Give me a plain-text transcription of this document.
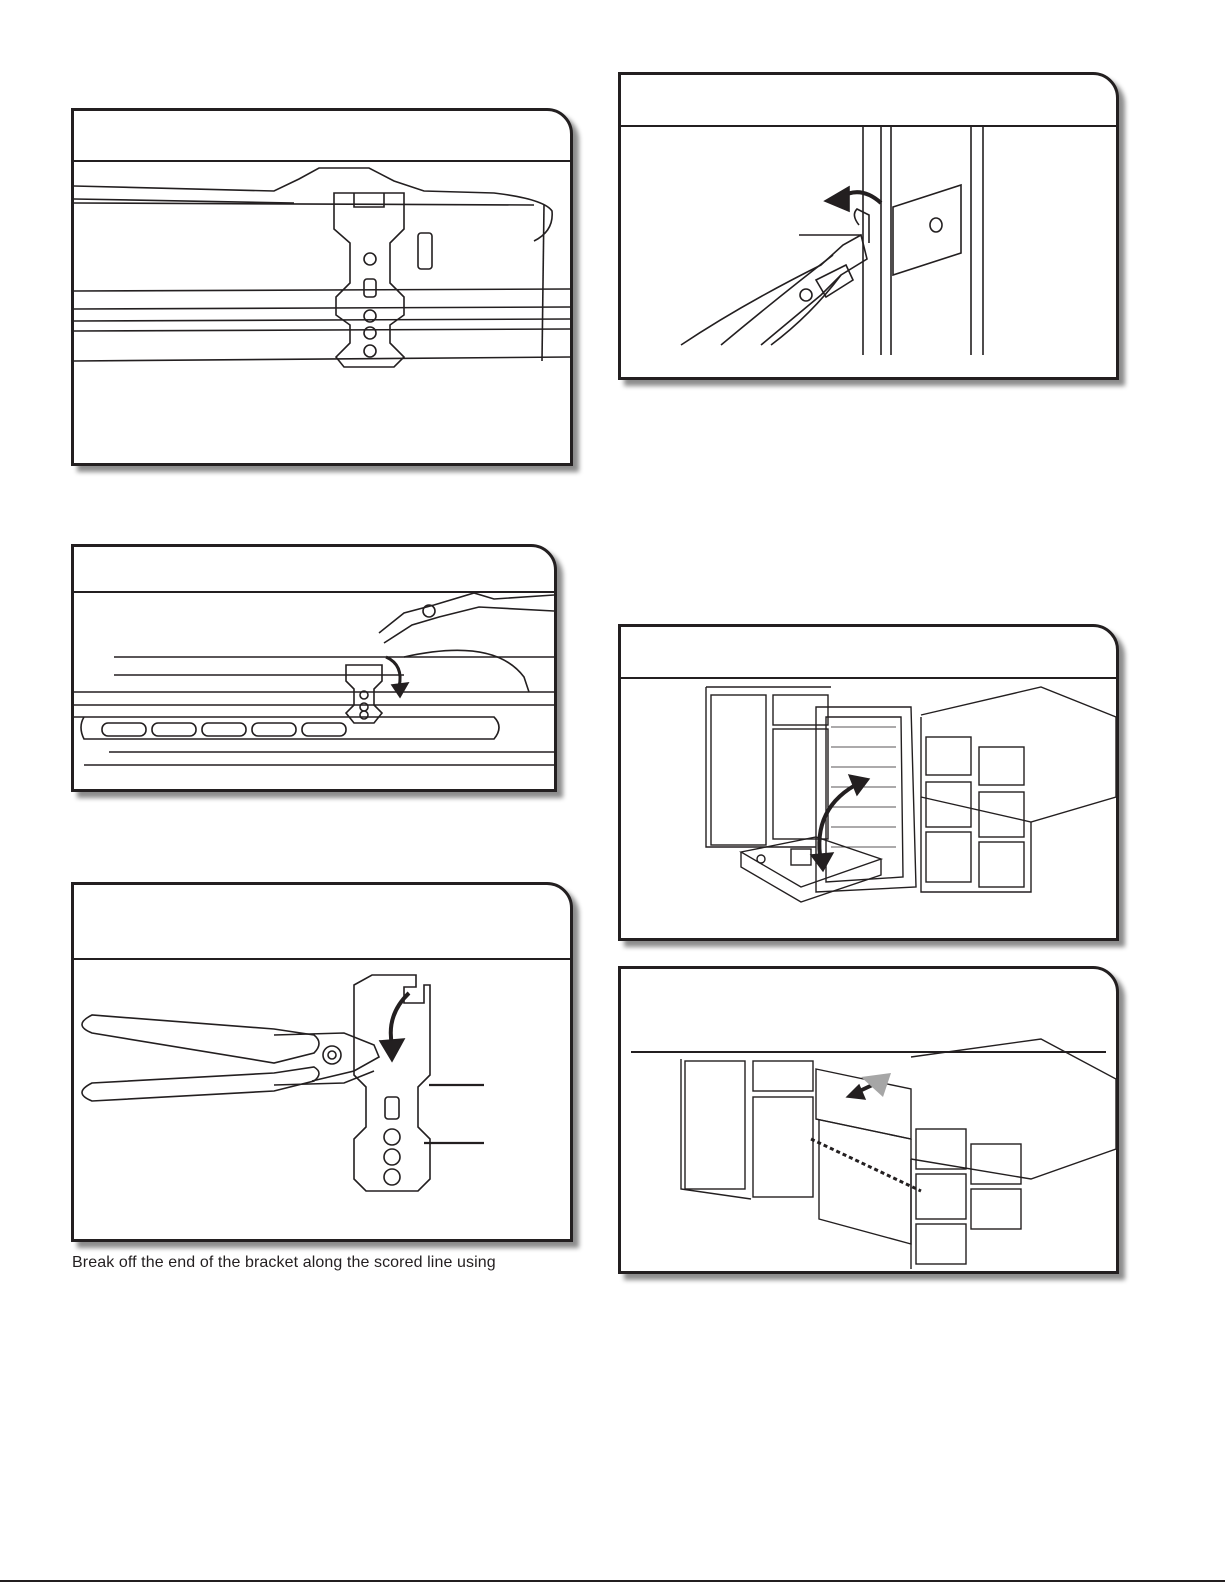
Break off the end of the bracket along the scored line using
